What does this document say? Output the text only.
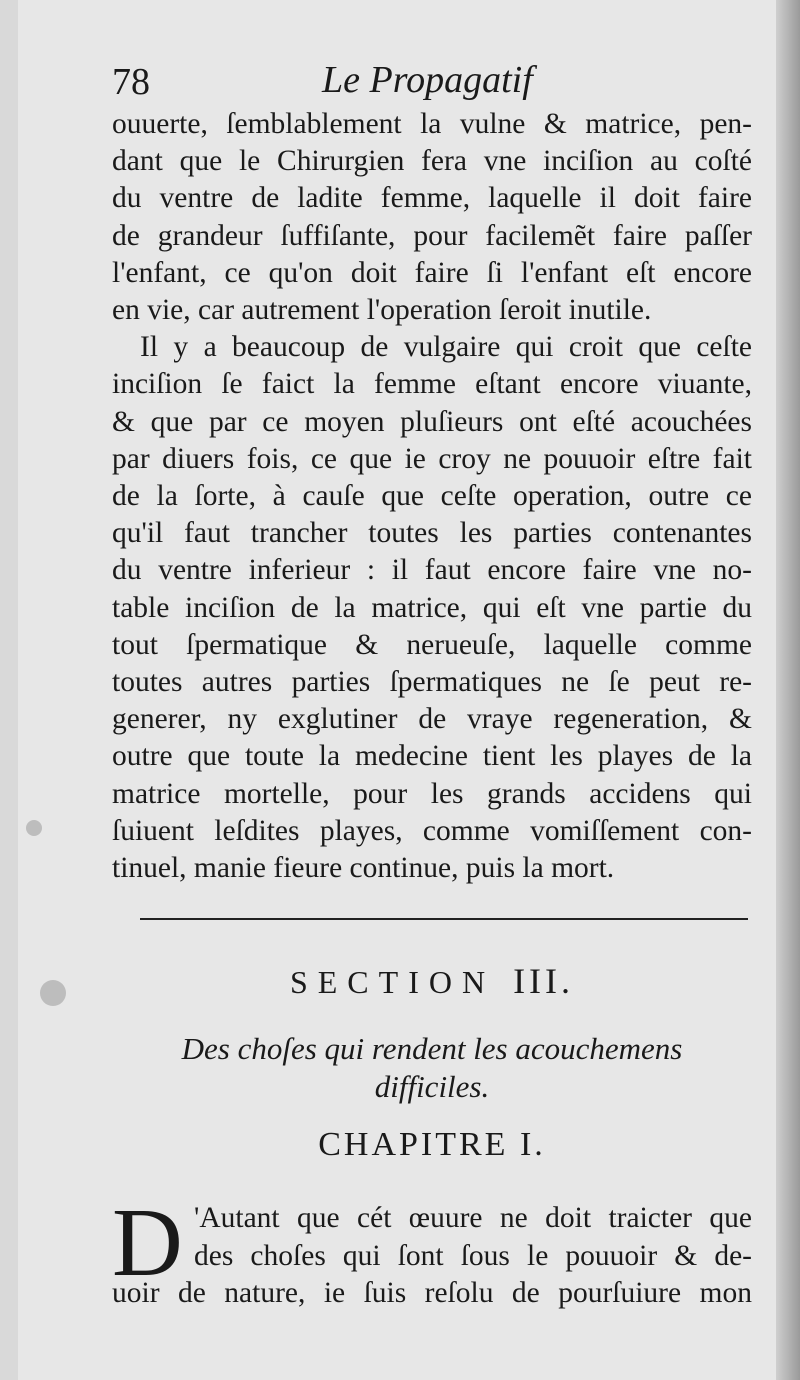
78	Le Propagatif
ouuerte, ſemblablement la vulne & matrice, pen-
dant que le Chirurgien fera vne inciſion au coſté
du ventre de ladite femme, laquelle il doit faire
de grandeur ſuffiſante, pour facilemẽt faire paſſer
l'enfant, ce qu'on doit faire ſi l'enfant eſt encore
en vie, car autrement l'operation ſeroit inutile.
Il y a beaucoup de vulgaire qui croit que ceſte
inciſion ſe faict la femme eſtant encore viuante,
& que par ce moyen pluſieurs ont eſté acouchées
par diuers fois, ce que ie croy ne pouuoir eſtre fait
de la ſorte, à cauſe que ceſte operation, outre ce
qu'il faut trancher toutes les parties contenantes
du ventre inferieur : il faut encore faire vne no-
table inciſion de la matrice, qui eſt vne partie du
tout ſpermatique & nerueuſe, laquelle comme
toutes autres parties ſpermatiques ne ſe peut re-
generer, ny exglutiner de vraye regeneration, &
outre que toute la medecine tient les playes de la
matrice mortelle, pour les grands accidens qui
ſuiuent leſdites playes, comme vomiſſement con-
tinuel, manie fieure continue, puis la mort.
SECTION III.
Des choſes qui rendent les acouchemens
difficiles.
CHAPITRE I.
D 'Autant que cét œuure ne doit traicter que
des choſes qui ſont ſous le pouuoir & de-
uoir de nature, ie ſuis reſolu de pourſuiure mon
